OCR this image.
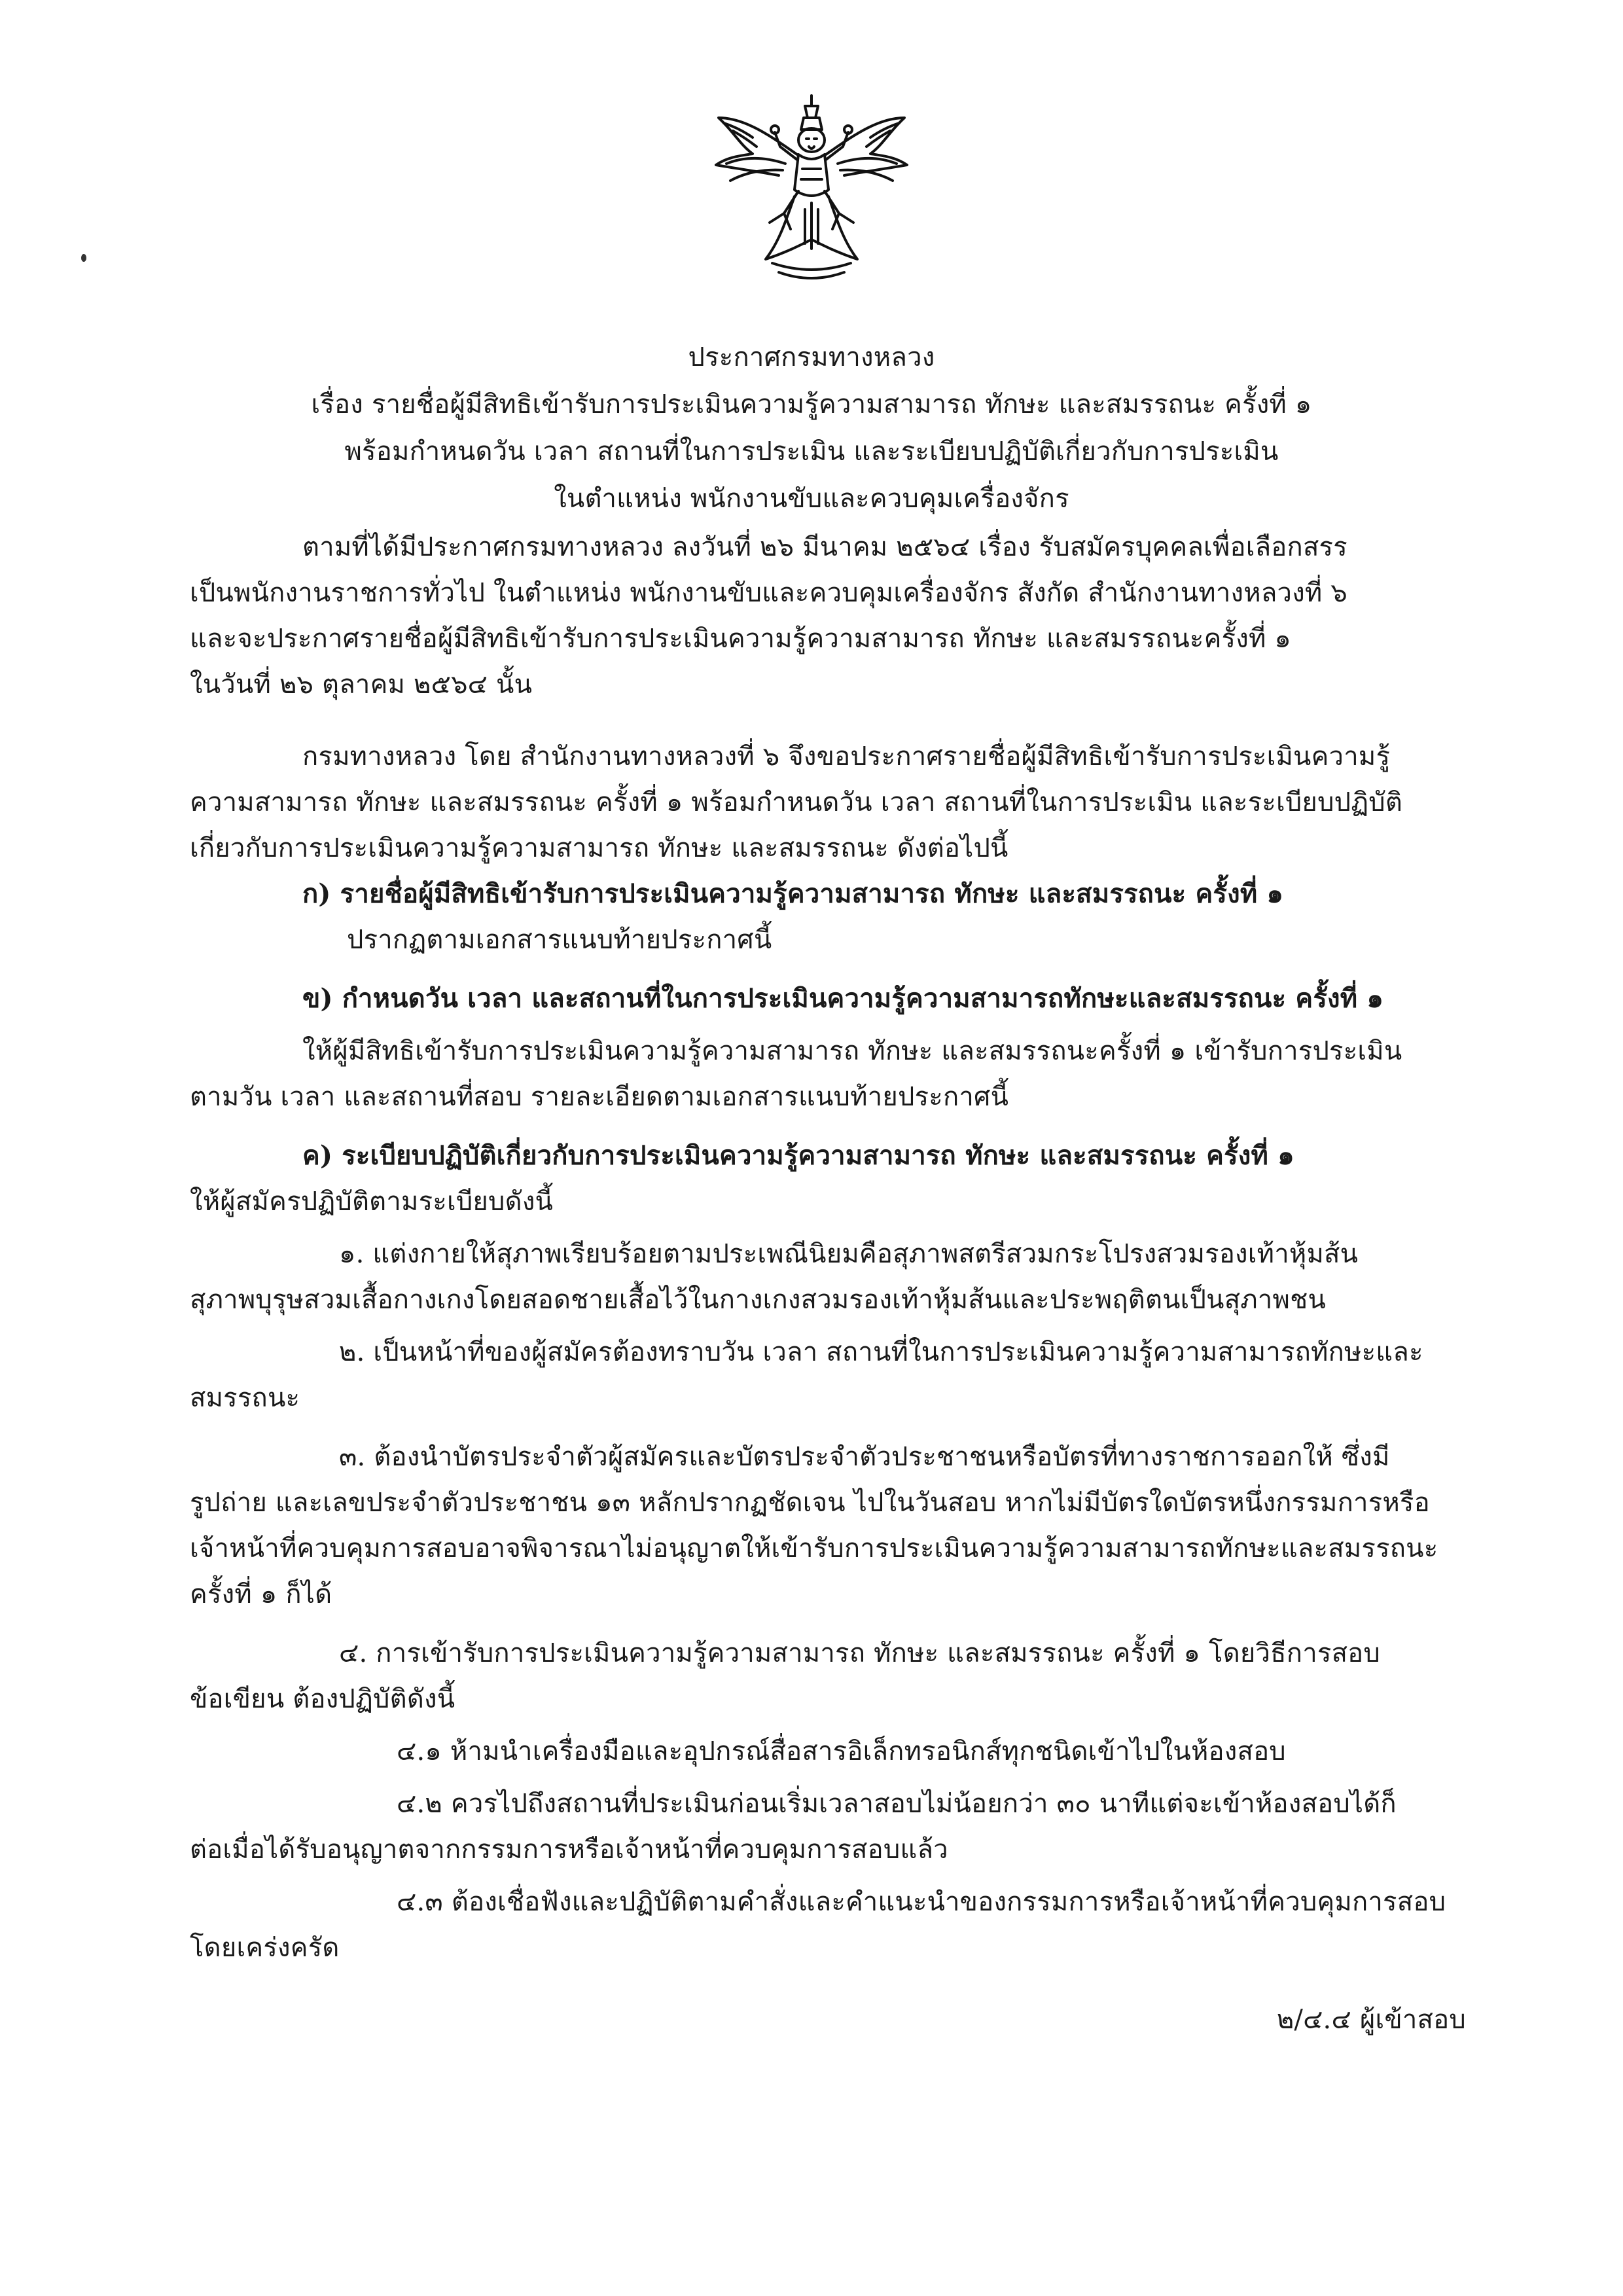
ประกาศกรมทางหลวง
เรื่อง รายชื่อผู้มีสิทธิเข้ารับการประเมินความรู้ความสามารถ ทักษะ และสมรรถนะ ครั้งที่ ๑
พร้อมกำหนดวัน เวลา สถานที่ในการประเมิน และระเบียบปฏิบัติเกี่ยวกับการประเมิน
ในตำแหน่ง พนักงานขับและควบคุมเครื่องจักร
ตามที่ได้มีประกาศกรมทางหลวง ลงวันที่ ๒๖ มีนาคม ๒๕๖๔ เรื่อง รับสมัครบุคคลเพื่อเลือกสรร
เป็นพนักงานราชการทั่วไป ในตำแหน่ง พนักงานขับและควบคุมเครื่องจักร สังกัด สำนักงานทางหลวงที่ ๖
และจะประกาศรายชื่อผู้มีสิทธิเข้ารับการประเมินความรู้ความสามารถ ทักษะ และสมรรถนะครั้งที่ ๑
ในวันที่ ๒๖ ตุลาคม ๒๕๖๔ นั้น
กรมทางหลวง โดย สำนักงานทางหลวงที่ ๖ จึงขอประกาศรายชื่อผู้มีสิทธิเข้ารับการประเมินความรู้
ความสามารถ ทักษะ และสมรรถนะ ครั้งที่ ๑ พร้อมกำหนดวัน เวลา สถานที่ในการประเมิน และระเบียบปฏิบัติ
เกี่ยวกับการประเมินความรู้ความสามารถ ทักษะ และสมรรถนะ ดังต่อไปนี้
ก) รายชื่อผู้มีสิทธิเข้ารับการประเมินความรู้ความสามารถ ทักษะ และสมรรถนะ ครั้งที่ ๑
ปรากฏตามเอกสารแนบท้ายประกาศนี้
ข) กำหนดวัน เวลา และสถานที่ในการประเมินความรู้ความสามารถทักษะและสมรรถนะ ครั้งที่ ๑
ให้ผู้มีสิทธิเข้ารับการประเมินความรู้ความสามารถ ทักษะ และสมรรถนะครั้งที่ ๑ เข้ารับการประเมิน
ตามวัน เวลา และสถานที่สอบ รายละเอียดตามเอกสารแนบท้ายประกาศนี้
ค) ระเบียบปฏิบัติเกี่ยวกับการประเมินความรู้ความสามารถ ทักษะ และสมรรถนะ ครั้งที่ ๑
ให้ผู้สมัครปฏิบัติตามระเบียบดังนี้
๑. แต่งกายให้สุภาพเรียบร้อยตามประเพณีนิยมคือสุภาพสตรีสวมกระโปรงสวมรองเท้าหุ้มส้น
สุภาพบุรุษสวมเสื้อกางเกงโดยสอดชายเสื้อไว้ในกางเกงสวมรองเท้าหุ้มส้นและประพฤติตนเป็นสุภาพชน
๒. เป็นหน้าที่ของผู้สมัครต้องทราบวัน เวลา สถานที่ในการประเมินความรู้ความสามารถทักษะและ
สมรรถนะ
๓. ต้องนำบัตรประจำตัวผู้สมัครและบัตรประจำตัวประชาชนหรือบัตรที่ทางราชการออกให้ ซึ่งมี
รูปถ่าย และเลขประจำตัวประชาชน ๑๓ หลักปรากฏชัดเจน ไปในวันสอบ หากไม่มีบัตรใดบัตรหนึ่งกรรมการหรือ
เจ้าหน้าที่ควบคุมการสอบอาจพิจารณาไม่อนุญาตให้เข้ารับการประเมินความรู้ความสามารถทักษะและสมรรถนะ
ครั้งที่ ๑ ก็ได้
๔. การเข้ารับการประเมินความรู้ความสามารถ ทักษะ และสมรรถนะ ครั้งที่ ๑ โดยวิธีการสอบ
ข้อเขียน ต้องปฏิบัติดังนี้
๔.๑ ห้ามนำเครื่องมือและอุปกรณ์สื่อสารอิเล็กทรอนิกส์ทุกชนิดเข้าไปในห้องสอบ
๔.๒ ควรไปถึงสถานที่ประเมินก่อนเริ่มเวลาสอบไม่น้อยกว่า ๓๐ นาทีแต่จะเข้าห้องสอบได้ก็
ต่อเมื่อได้รับอนุญาตจากกรรมการหรือเจ้าหน้าที่ควบคุมการสอบแล้ว
๔.๓ ต้องเชื่อฟังและปฏิบัติตามคำสั่งและคำแนะนำของกรรมการหรือเจ้าหน้าที่ควบคุมการสอบ
โดยเคร่งครัด
๒/๔.๔ ผู้เข้าสอบ
